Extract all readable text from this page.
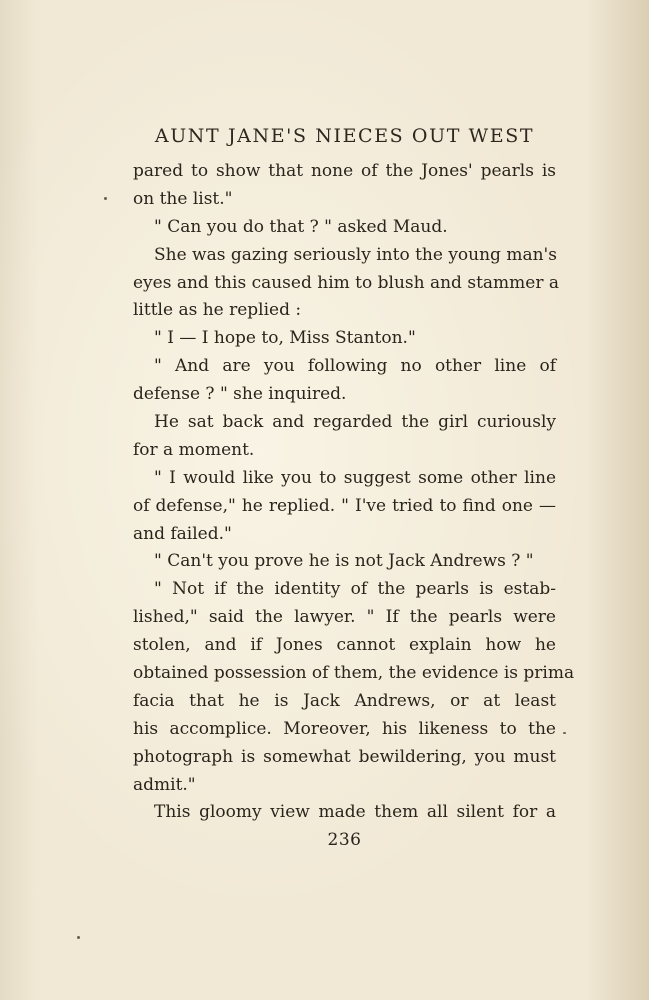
AUNT JANE'S NIECES OUT WEST
pared to show that none of the Jones' pearls is
on the list."
" Can you do that ? " asked Maud.
She was gazing seriously into the young man's
eyes and this caused him to blush and stammer a
little as he replied :
" I — I hope to, Miss Stanton."
" And are you following no other line of
defense ? " she inquired.
He sat back and regarded the girl curiously
for a moment.
" I would like you to suggest some other line
of defense," he replied. " I've tried to find one —
and failed."
" Can't you prove he is not Jack Andrews ? "
" Not if the identity of the pearls is estab-
lished," said the lawyer. " If the pearls were
stolen, and if Jones cannot explain how he
obtained possession of them, the evidence is prima
facia that he is Jack Andrews, or at least
his accomplice. Moreover, his likeness to the
photograph is somewhat bewildering, you must
admit."
This gloomy view made them all silent for a
236
